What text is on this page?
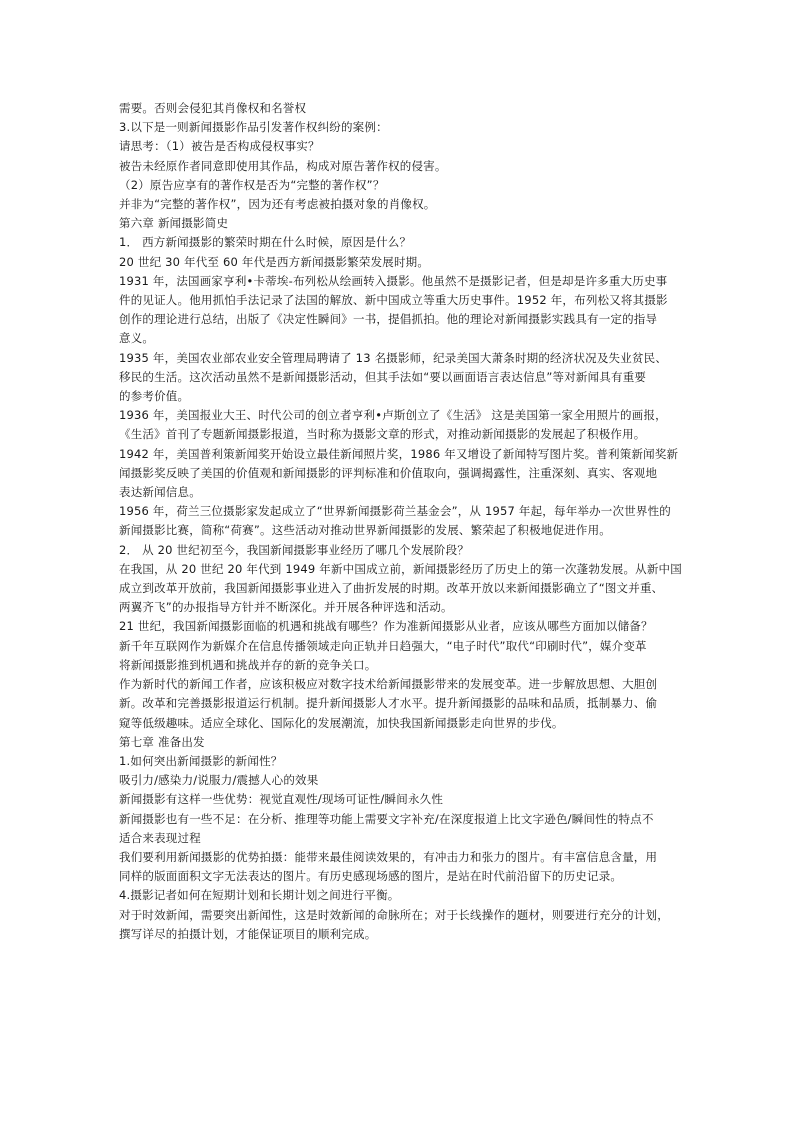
需要。否则会侵犯其肖像权和名誉权

3.以下是一则新闻摄影作品引发著作权纠纷的案例：

请思考：（1）被告是否构成侵权事实？

被告未经原作者同意即使用其作品，构成对原告著作权的侵害。

（2）原告应享有的著作权是否为“完整的著作权”？

并非为“完整的著作权”，因为还有考虑被拍摄对象的肖像权。

第六章 新闻摄影简史

1． 西方新闻摄影的繁荣时期在什么时候，原因是什么？

20 世纪 30 年代至 60 年代是西方新闻摄影繁荣发展时期。

1931 年，法国画家亨利•卡蒂埃-布列松从绘画转入摄影。他虽然不是摄影记者，但是却是许多重大历史事

件的见证人。他用抓怕手法记录了法国的解放、新中国成立等重大历史事件。1952 年，布列松又将其摄影

创作的理论进行总结，出版了《决定性瞬间》一书，提倡抓拍。他的理论对新闻摄影实践具有一定的指导

意义。

1935 年，美国农业部农业安全管理局聘请了 13 名摄影师，纪录美国大萧条时期的经济状况及失业贫民、

移民的生活。这次活动虽然不是新闻摄影活动，但其手法如“要以画面语言表达信息”等对新闻具有重要

的参考价值。

1936 年，美国报业大王、时代公司的创立者亨利•卢斯创立了《生活》 这是美国第一家全用照片的画报，

《生活》首刊了专题新闻摄影报道，当时称为摄影文章的形式，对推动新闻摄影的发展起了积极作用。

1942 年，美国普利策新闻奖开始设立最佳新闻照片奖，1986 年又增设了新闻特写图片奖。普利策新闻奖新

闻摄影奖反映了美国的价值观和新闻摄影的评判标准和价值取向，强调揭露性，注重深刻、真实、客观地

表达新闻信息。

1956 年，荷兰三位摄影家发起成立了“世界新闻摄影荷兰基金会”，从 1957 年起，每年举办一次世界性的

新闻摄影比赛，简称“荷赛”。这些活动对推动世界新闻摄影的发展、繁荣起了积极地促进作用。

2． 从 20 世纪初至今，我国新闻摄影事业经历了哪几个发展阶段？

在我国，从 20 世纪 20 年代到 1949 年新中国成立前，新闻摄影经历了历史上的第一次蓬勃发展。从新中国

成立到改革开放前，我国新闻摄影事业进入了曲折发展的时期。改革开放以来新闻摄影确立了“图文并重、

两翼齐飞”的办报指导方针并不断深化。并开展各种评选和活动。

21 世纪，我国新闻摄影面临的机遇和挑战有哪些？作为准新闻摄影从业者，应该从哪些方面加以储备？

新千年互联网作为新媒介在信息传播领域走向正轨并日趋强大，“电子时代”取代“印刷时代”，媒介变革

将新闻摄影推到机遇和挑战并存的新的竞争关口。

作为新时代的新闻工作者，应该积极应对数字技术给新闻摄影带来的发展变革。进一步解放思想、大胆创

新。改革和完善摄影报道运行机制。提升新闻摄影人才水平。提升新闻摄影的品味和品质，抵制暴力、偷

窥等低级趣味。适应全球化、国际化的发展潮流，加快我国新闻摄影走向世界的步伐。

第七章 准备出发

1.如何突出新闻摄影的新闻性？

吸引力/感染力/说服力/震撼人心的效果

新闻摄影有这样一些优势：视觉直观性/现场可证性/瞬间永久性

新闻摄影也有一些不足：在分析、推理等功能上需要文字补充/在深度报道上比文字逊色/瞬间性的特点不

适合来表现过程

我们要利用新闻摄影的优势拍摄：能带来最佳阅读效果的，有冲击力和张力的图片。有丰富信息含量，用

同样的版面面积文字无法表达的图片。有历史感现场感的图片，是站在时代前沿留下的历史记录。

4.摄影记者如何在短期计划和长期计划之间进行平衡。

对于时效新闻，需要突出新闻性，这是时效新闻的命脉所在；对于长线操作的题材，则要进行充分的计划，

撰写详尽的拍摄计划，才能保证项目的顺利完成。
